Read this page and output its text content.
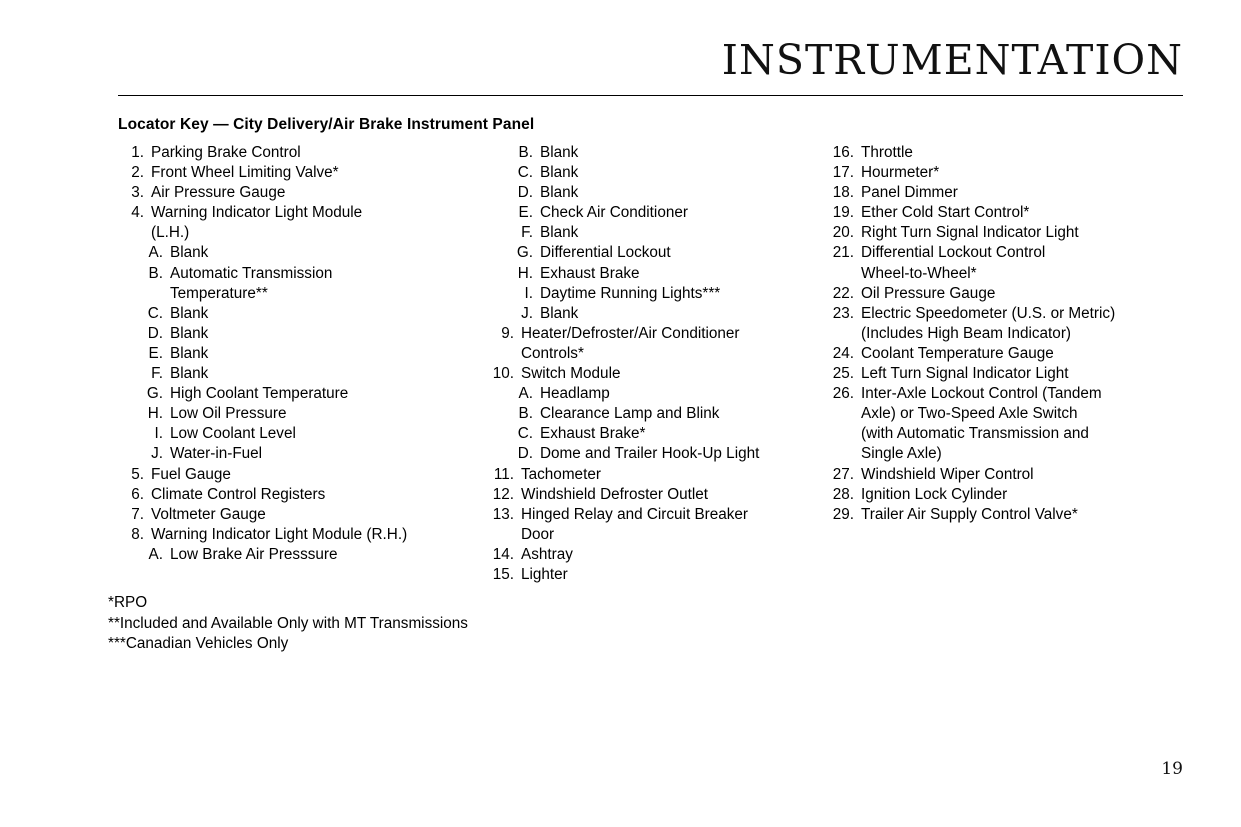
INSTRUMENTATION
Locator Key — City Delivery/Air Brake Instrument Panel
1. Parking Brake Control
2. Front Wheel Limiting Valve*
3. Air Pressure Gauge
4. Warning Indicator Light Module
(L.H.)
A. Blank
B. Automatic Transmission
Temperature**
C. Blank
D. Blank
E. Blank
F. Blank
G. High Coolant Temperature
H. Low Oil Pressure
I. Low Coolant Level
J. Water-in-Fuel
5. Fuel Gauge
6. Climate Control Registers
7. Voltmeter Gauge
8. Warning Indicator Light Module (R.H.)
A. Low Brake Air Presssure
B. Blank
C. Blank
D. Blank
E. Check Air Conditioner
F. Blank
G. Differential Lockout
H. Exhaust Brake
I. Daytime Running Lights***
J. Blank
9. Heater/Defroster/Air Conditioner
Controls*
10. Switch Module
A. Headlamp
B. Clearance Lamp and Blink
C. Exhaust Brake*
D. Dome and Trailer Hook-Up Light
11. Tachometer
12. Windshield Defroster Outlet
13. Hinged Relay and Circuit Breaker
Door
14. Ashtray
15. Lighter
16. Throttle
17. Hourmeter*
18. Panel Dimmer
19. Ether Cold Start Control*
20. Right Turn Signal Indicator Light
21. Differential Lockout Control
Wheel-to-Wheel*
22. Oil Pressure Gauge
23. Electric Speedometer (U.S. or Metric)
(Includes High Beam Indicator)
24. Coolant Temperature Gauge
25. Left Turn Signal Indicator Light
26. Inter-Axle Lockout Control (Tandem
Axle) or Two-Speed Axle Switch
(with Automatic Transmission and
Single Axle)
27. Windshield Wiper Control
28. Ignition Lock Cylinder
29. Trailer Air Supply Control Valve*
*RPO
**Included and Available Only with MT Transmissions
***Canadian Vehicles Only
19
